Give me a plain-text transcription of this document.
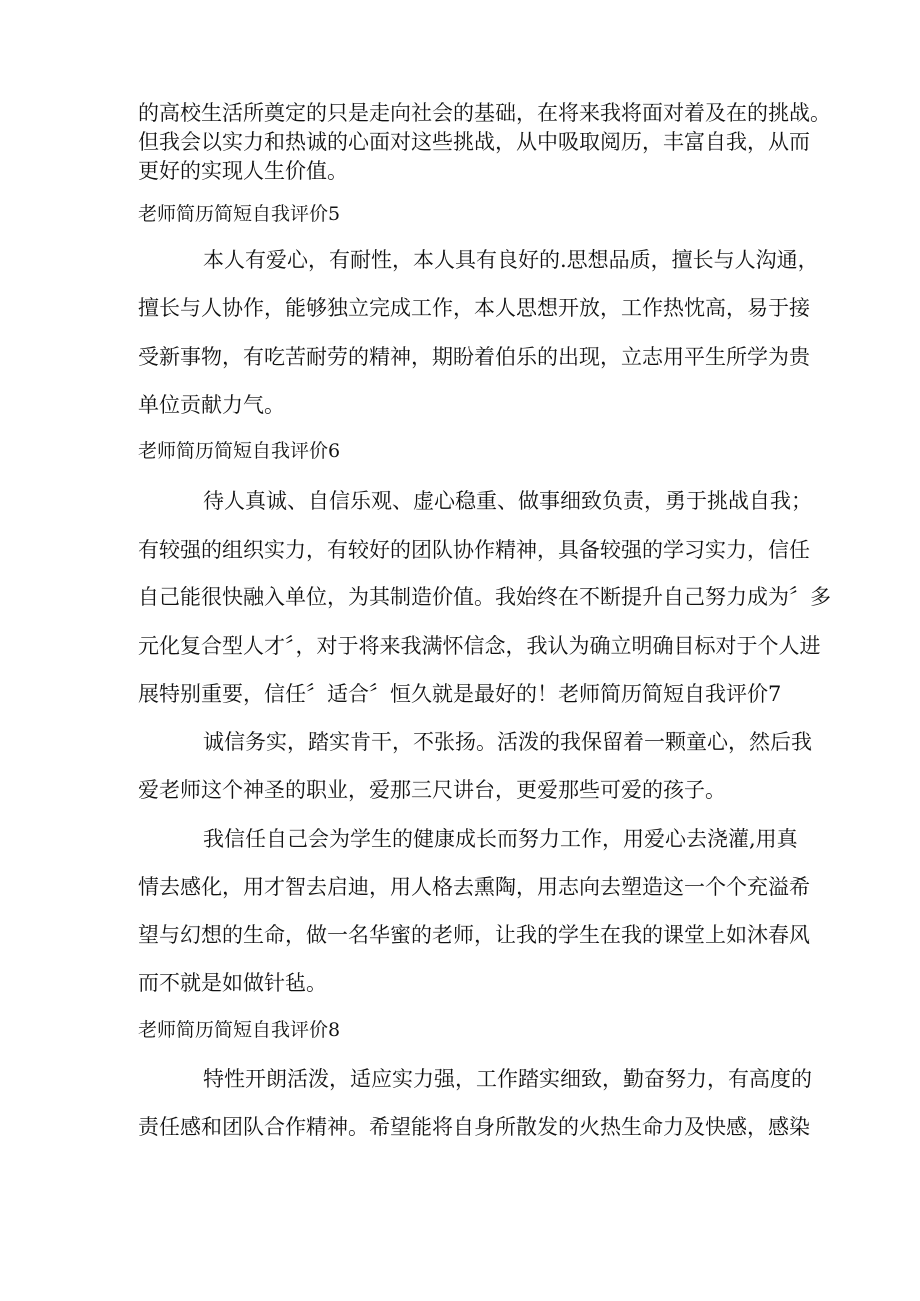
的高校生活所奠定的只是走向社会的基础，在将来我将面对着及在的挑战。
但我会以实力和热诚的心面对这些挑战，从中吸取阅历，丰富自我，从而
更好的实现人生价值。
老师简历简短自我评价5
本人有爱心，有耐性，本人具有良好的.思想品质，擅长与人沟通，
擅长与人协作，能够独立完成工作，本人思想开放，工作热忱高，易于接
受新事物，有吃苦耐劳的精神，期盼着伯乐的出现，立志用平生所学为贵
单位贡献力气。
老师简历简短自我评价6
待人真诚、自信乐观、虚心稳重、做事细致负责，勇于挑战自我；
有较强的组织实力，有较好的团队协作精神，具备较强的学习实力，信任
自己能很快融入单位，为其制造价值。我始终在不断提升自己努力成为〞多
元化复合型人才〞，对于将来我满怀信念，我认为确立明确目标对于个人进
展特别重要，信任〞适合〞恒久就是最好的！老师简历简短自我评价7
诚信务实，踏实肯干，不张扬。活泼的我保留着一颗童心，然后我
爱老师这个神圣的职业，爱那三尺讲台，更爱那些可爱的孩子。
我信任自己会为学生的健康成长而努力工作，用爱心去浇灌,用真
情去感化，用才智去启迪，用人格去熏陶，用志向去塑造这一个个充溢希
望与幻想的生命，做一名华蜜的老师，让我的学生在我的课堂上如沐春风
而不就是如做针毡。
老师简历简短自我评价8
特性开朗活泼，适应实力强，工作踏实细致，勤奋努力，有高度的
责任感和团队合作精神。希望能将自身所散发的火热生命力及快感，感染
